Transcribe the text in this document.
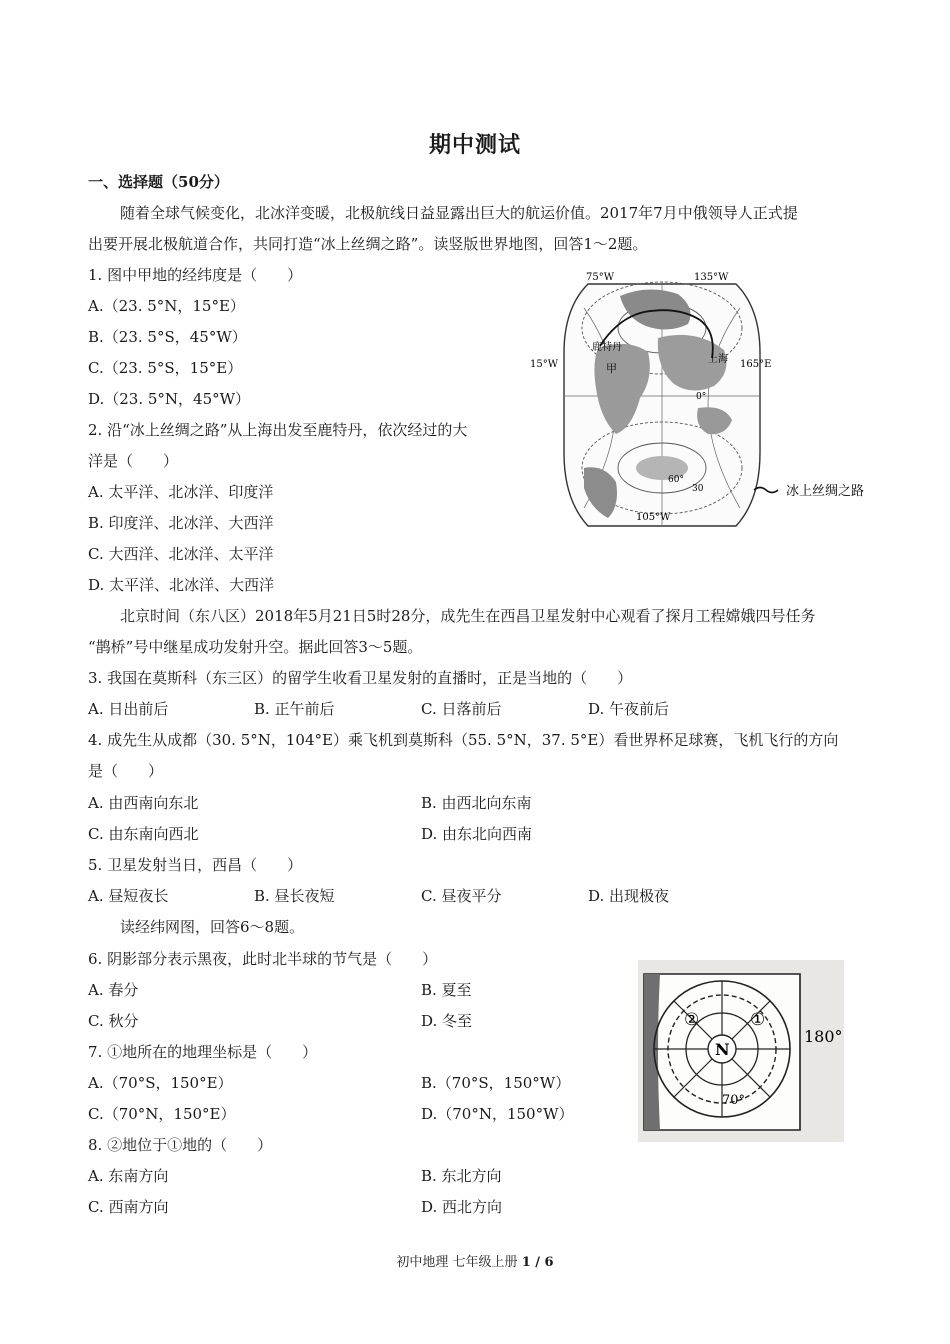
期中测试
一、选择题（50分）
随着全球气候变化，北冰洋变暖，北极航线日益显露出巨大的航运价值。2017年7月中俄领导人正式提
出要开展北极航道合作，共同打造“冰上丝绸之路”。读竖版世界地图，回答1～2题。
1. 图中甲地的经纬度是（　　）
A.（23. 5°N，15°E）
B.（23. 5°S，45°W）
C.（23. 5°S，15°E）
D.（23. 5°N，45°W）
2. 沿“冰上丝绸之路”从上海出发至鹿特丹，依次经过的大
洋是（　　）
A. 太平洋、北冰洋、印度洋
B. 印度洋、北冰洋、大西洋
C. 大西洋、北冰洋、太平洋
D. 太平洋、北冰洋、大西洋
75°W	135°W
15°W	165°E
105°W
0°
30
60°
鹿特丹
上海
甲
冰上丝绸之路
北京时间（东八区）2018年5月21日5时28分，成先生在西昌卫星发射中心观看了探月工程嫦娥四号任务
“鹊桥”号中继星成功发射升空。据此回答3～5题。
3. 我国在莫斯科（东三区）的留学生收看卫星发射的直播时，正是当地的（　　）
A. 日出前后	B. 正午前后	C. 日落前后	D. 午夜前后
4. 成先生从成都（30. 5°N，104°E）乘飞机到莫斯科（55. 5°N，37. 5°E）看世界杯足球赛，飞机飞行的方向
是（　　）
A. 由西南向东北	B. 由西北向东南
C. 由东南向西北	D. 由东北向西南
5. 卫星发射当日，西昌（　　）
A. 昼短夜长	B. 昼长夜短	C. 昼夜平分	D. 出现极夜
读经纬网图，回答6～8题。
6. 阴影部分表示黑夜，此时北半球的节气是（　　）
A. 春分	B. 夏至
C. 秋分	D. 冬至
7. ①地所在的地理坐标是（　　）
A.（70°S，150°E）	B.（70°S，150°W）
C.（70°N，150°E）	D.（70°N，150°W）
8. ②地位于①地的（　　）
A. 东南方向	B. 东北方向
C. 西南方向	D. 西北方向
N
180°
70°
②	①
初中地理 七年级上册 1 / 6
